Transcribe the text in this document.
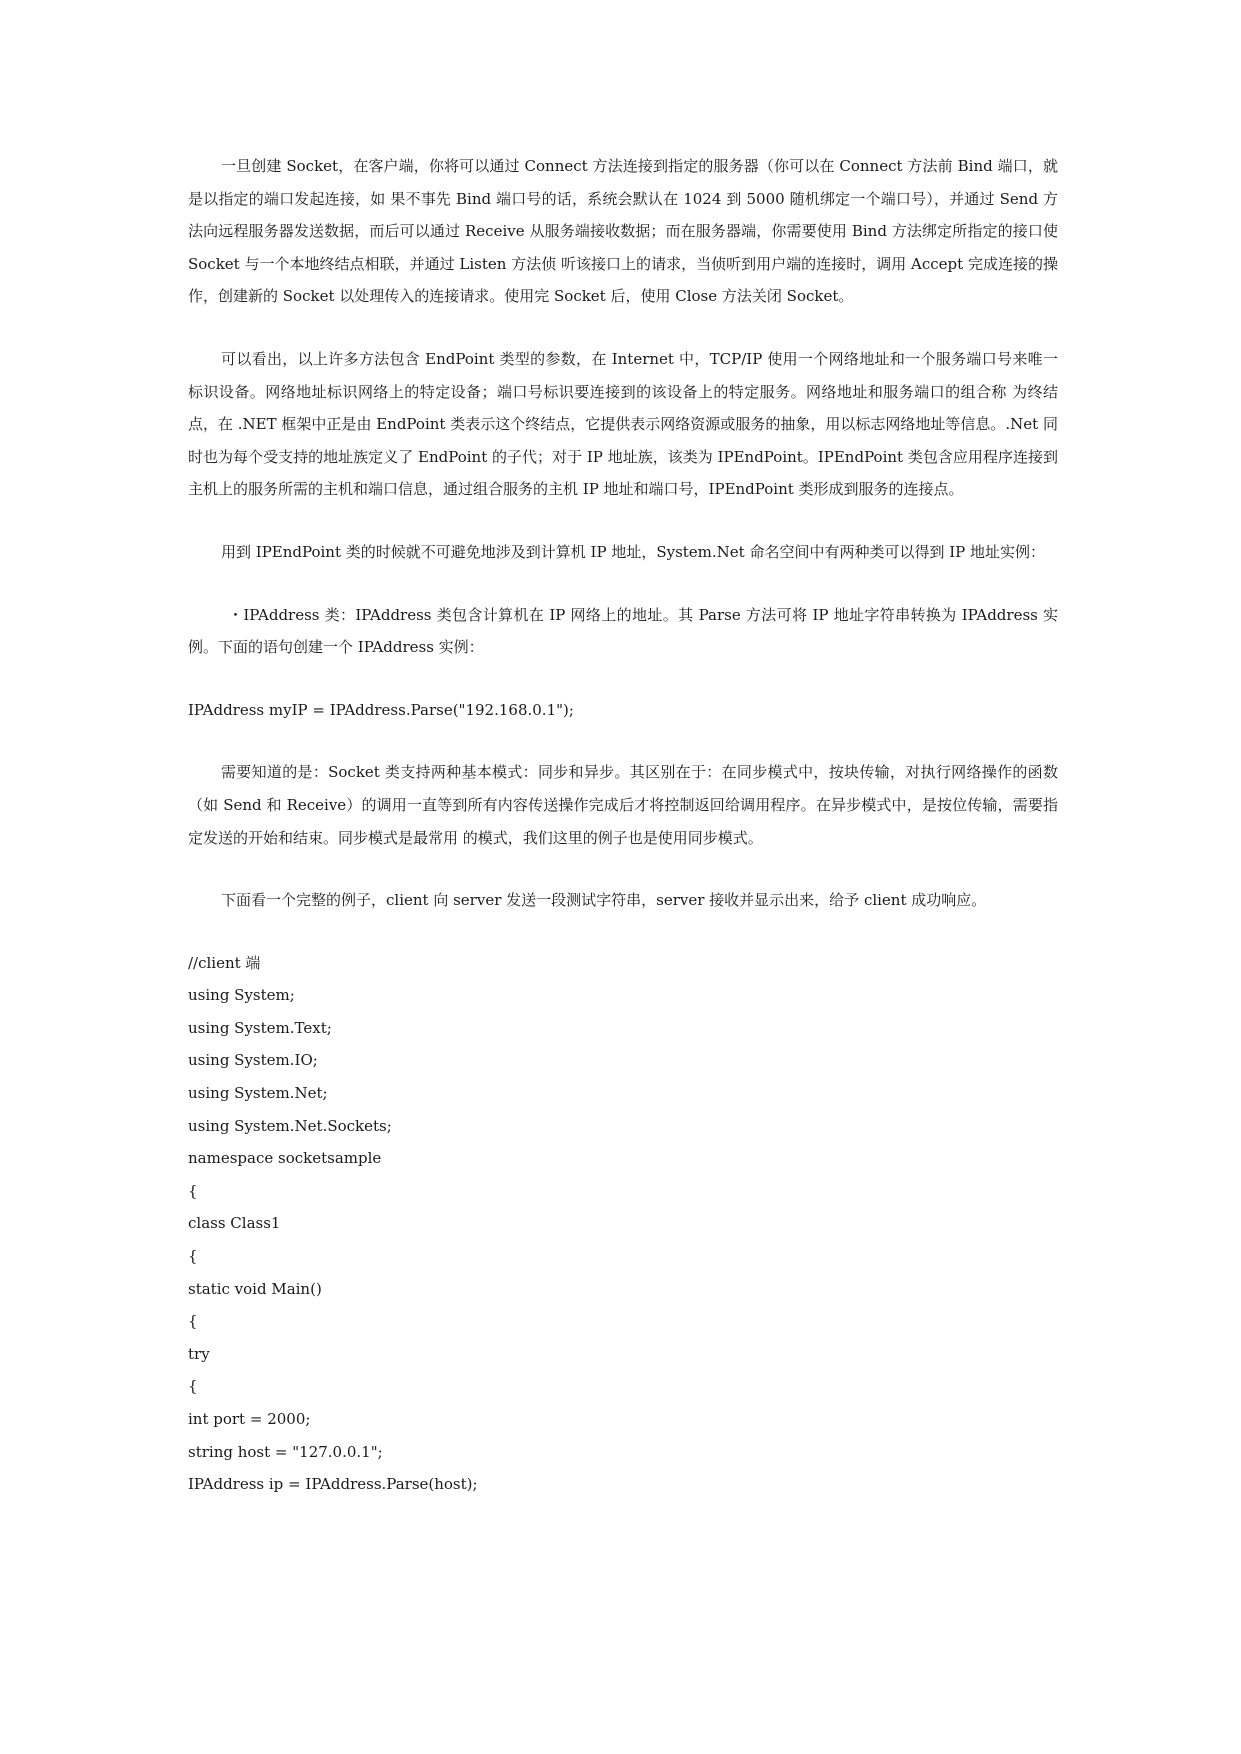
一旦创建 Socket，在客户端，你将可以通过 Connect 方法连接到指定的服务器（你可以在 Connect 方法前 Bind 端口，就是以指定的端口发起连接，如 果不事先 Bind 端口号的话，系统会默认在 1024 到 5000 随机绑定一个端口号），并通过 Send 方法向远程服务器发送数据，而后可以通过 Receive 从服务端接收数据；而在服务器端，你需要使用 Bind 方法绑定所指定的接口使 Socket 与一个本地终结点相联，并通过 Listen 方法侦 听该接口上的请求，当侦听到用户端的连接时，调用 Accept 完成连接的操作，创建新的 Socket 以处理传入的连接请求。使用完 Socket 后，使用 Close 方法关闭 Socket。

可以看出，以上许多方法包含 EndPoint 类型的参数，在 Internet 中，TCP/IP 使用一个网络地址和一个服务端口号来唯一标识设备。网络地址标识网络上的特定设备；端口号标识要连接到的该设备上的特定服务。网络地址和服务端口的组合称 为终结点，在 .NET 框架中正是由 EndPoint 类表示这个终结点，它提供表示网络资源或服务的抽象，用以标志网络地址等信息。.Net 同时也为每个受支持的地址族定义了 EndPoint 的子代；对于 IP 地址族，该类为 IPEndPoint。IPEndPoint 类包含应用程序连接到主机上的服务所需的主机和端口信息，通过组合服务的主机 IP 地址和端口号，IPEndPoint 类形成到服务的连接点。

用到 IPEndPoint 类的时候就不可避免地涉及到计算机 IP 地址，System.Net 命名空间中有两种类可以得到 IP 地址实例：

・IPAddress 类：IPAddress 类包含计算机在 IP 网络上的地址。其 Parse 方法可将 IP 地址字符串转换为 IPAddress 实例。下面的语句创建一个 IPAddress 实例：

IPAddress myIP = IPAddress.Parse("192.168.0.1");

需要知道的是：Socket 类支持两种基本模式：同步和异步。其区别在于：在同步模式中，按块传输，对执行网络操作的函数（如 Send 和 Receive）的调用一直等到所有内容传送操作完成后才将控制返回给调用程序。在异步模式中，是按位传输，需要指定发送的开始和结束。同步模式是最常用 的模式，我们这里的例子也是使用同步模式。

下面看一个完整的例子，client 向 server 发送一段测试字符串，server 接收并显示出来，给予 client 成功响应。

//client 端
using System;
using System.Text;
using System.IO;
using System.Net;
using System.Net.Sockets;
namespace socketsample
{
class Class1
{
static void Main()
{
try
{
int port = 2000;
string host = "127.0.0.1";
IPAddress ip = IPAddress.Parse(host);
